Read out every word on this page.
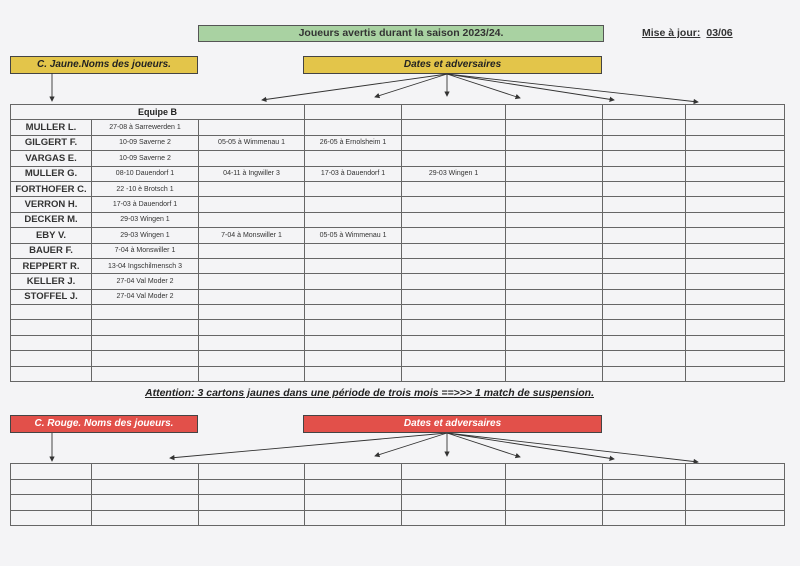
Joueurs avertis durant la saison 2023/24.	Mise à jour: 03/06
C. Jaune.Noms des joueurs.	Dates et adversaires
Equipe B							
MULLER L.	27-08 à Sarrewerden 1						
GILGERT F.	10-09 Saverne 2	05-05 à Wimmenau 1	26-05 à Ernolsheim 1				
VARGAS E.	10-09 Saverne 2						
MULLER G.	08-10 Dauendorf 1	04-11 à Ingwiller 3	17-03 à Dauendorf 1	29-03 Wingen 1			
FORTHOFER C.	22 -10 è Brotsch 1						
VERRON H.	17-03 à Dauendorf 1						
DECKER M.	29-03 Wingen 1						
EBY V.	29-03 Wingen 1	7-04 à Monswiller 1	05-05 à Wimmenau 1				
BAUER F.	7-04 à Monswiller 1						
REPPERT R.	13-04 Ingschilmensch 3						
KELLER J.	27-04 Val Moder 2						
STOFFEL J.	27-04 Val Moder 2						

Attention: 3 cartons jaunes dans une période de trois mois ==>>> 1 match de suspension.
C. Rouge. Noms des joueurs.	Dates et adversaires
